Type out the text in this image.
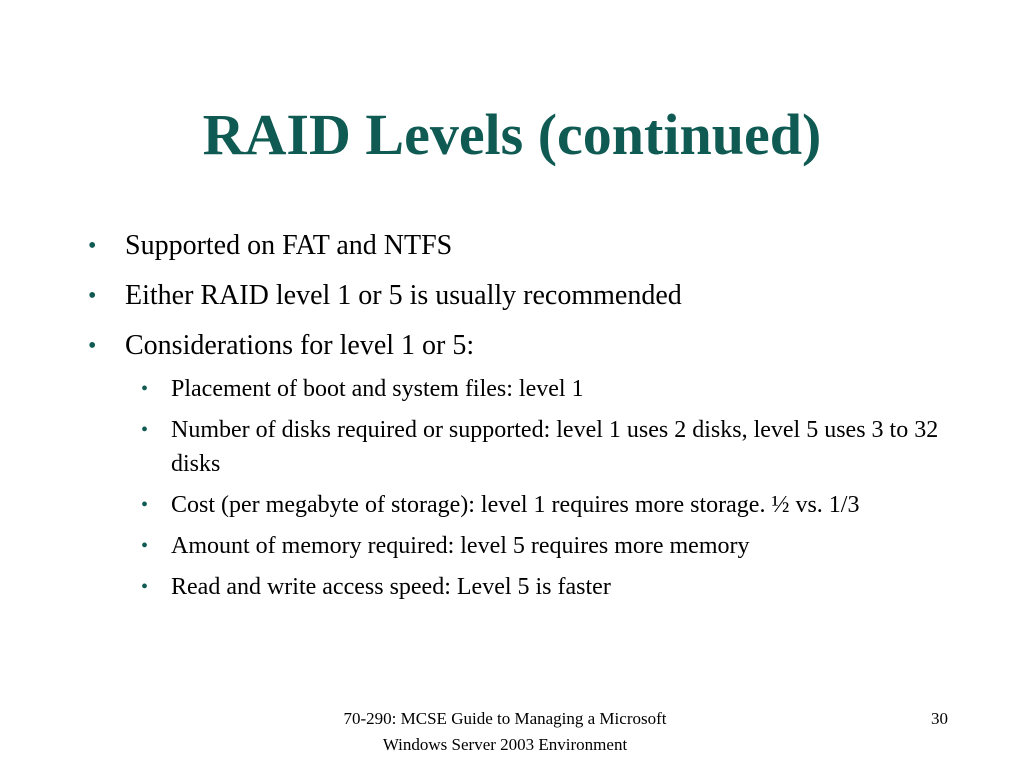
RAID Levels (continued)
•	Supported on FAT and NTFS
•	Either RAID level 1 or 5 is usually recommended
•	Considerations for level 1 or 5:
• Placement of boot and system files: level 1
• Number of disks required or supported: level 1 uses 2 disks, level 5 uses 3 to 32 disks
• Cost (per megabyte of storage): level 1 requires more storage. ½ vs. 1/3
• Amount of memory required: level 5 requires more memory
• Read and write access speed: Level 5 is faster
70-290: MCSE Guide to Managing a Microsoft
Windows Server 2003 Environment
30
